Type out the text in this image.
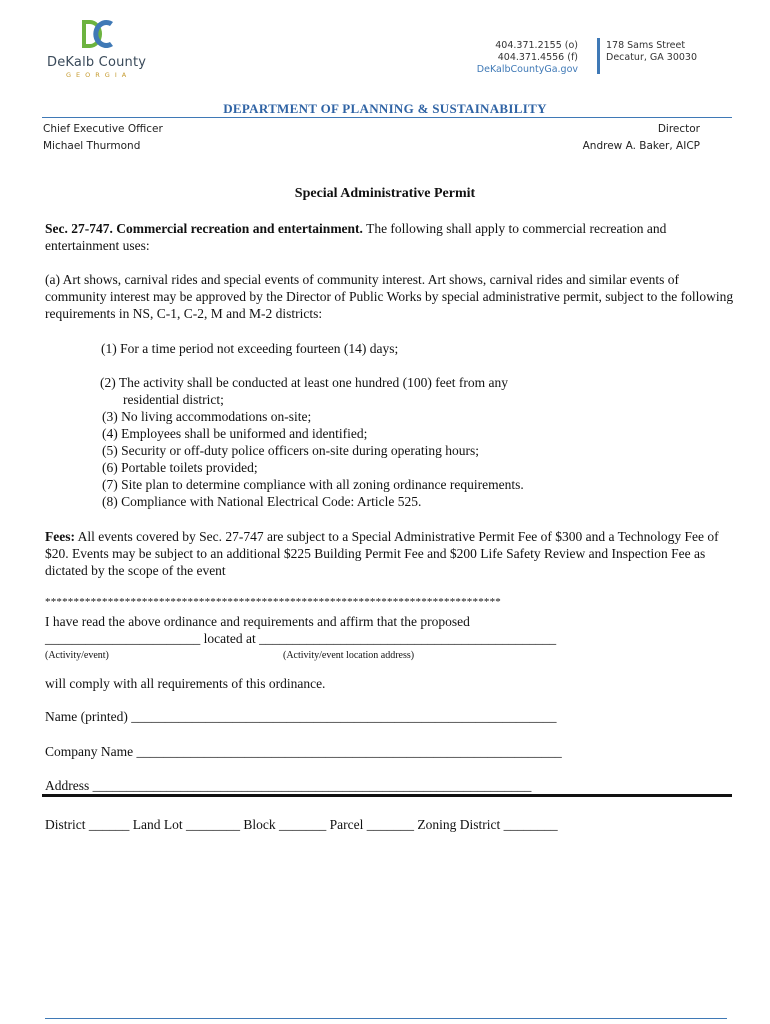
DeKalb County
GEORGIA
404.371.2155 (o)
404.371.4556 (f)
DeKalbCountyGa.gov
178 Sams Street
Decatur, GA 30030
DEPARTMENT OF PLANNING & SUSTAINABILITY
Chief Executive Officer
Michael Thurmond
Director
Andrew A. Baker, AICP
Special Administrative Permit
Sec. 27-747. Commercial recreation and entertainment. The following shall apply to commercial recreation and entertainment uses:
(a) Art shows, carnival rides and special events of community interest. Art shows, carnival rides and similar events of community interest may be approved by the Director of Public Works by special administrative permit, subject to the following requirements in NS, C-1, C-2, M and M-2 districts:
(1) For a time period not exceeding fourteen (14) days;
(2) The activity shall be conducted at least one hundred (100) feet from any
residential district;
(3) No living accommodations on-site;
(4) Employees shall be uniformed and identified;
(5) Security or off-duty police officers on-site during operating hours;
(6) Portable toilets provided;
(7) Site plan to determine compliance with all zoning ordinance requirements.
(8) Compliance with National Electrical Code: Article 525.
Fees: All events covered by Sec. 27-747 are subject to a Special Administrative Permit Fee of $300 and a Technology Fee of $20. Events may be subject to an additional $225 Building Permit Fee and $200 Life Safety Review and Inspection Fee as dictated by the scope of the event
********************************************************************************
I have read the above ordinance and requirements and affirm that the proposed
_______________________ located at ____________________________________________
(Activity/event)	(Activity/event location address)
will comply with all requirements of this ordinance.
Name (printed) _______________________________________________________________
Company Name _______________________________________________________________
Address _________________________________________________________________
District ______ Land Lot ________ Block _______ Parcel _______ Zoning District ________
